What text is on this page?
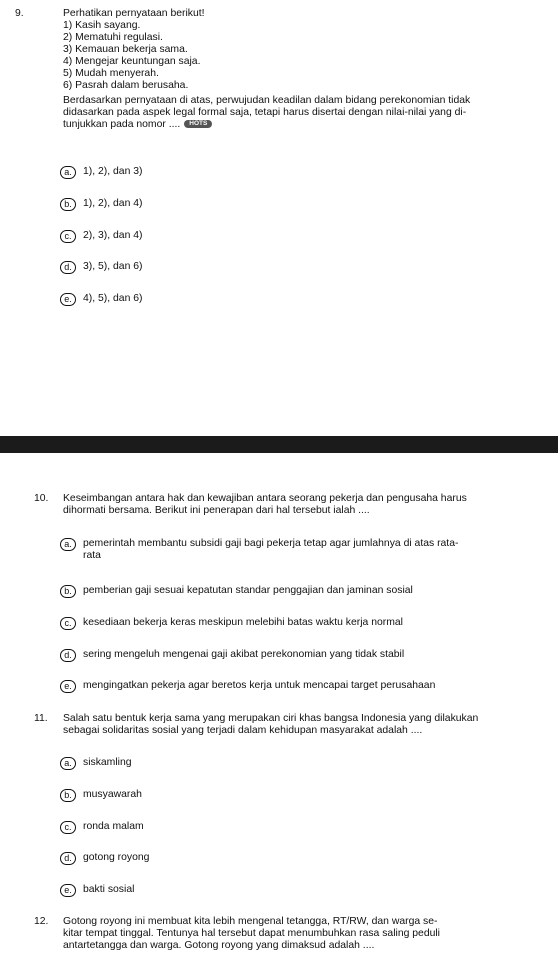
9.	Perhatikan pernyataan berikut!
1) Kasih sayang.
2) Mematuhi regulasi.
3) Kemauan bekerja sama.
4) Mengejar keuntungan saja.
5) Mudah menyerah.
6) Pasrah dalam berusaha.
Berdasarkan pernyataan di atas, perwujudan keadilan dalam bidang perekonomian tidak
didasarkan pada aspek legal formal saja, tetapi harus disertai dengan nilai-nilai yang di-
tunjukkan pada nomor .... HOTS
a.	1), 2), dan 3)
b.	1), 2), dan 4)
c.	2), 3), dan 4)
d.	3), 5), dan 6)
e.	4), 5), dan 6)
10. Keseimbangan antara hak dan kewajiban antara seorang pekerja dan pengusaha harus
dihormati bersama. Berikut ini penerapan dari hal tersebut ialah ....
a.	pemerintah membantu subsidi gaji bagi pekerja tetap agar jumlahnya di atas rata-
rata
b.	pemberian gaji sesuai kepatutan standar penggajian dan jaminan sosial
c.	kesediaan bekerja keras meskipun melebihi batas waktu kerja normal
d.	sering mengeluh mengenai gaji akibat perekonomian yang tidak stabil
e.	mengingatkan pekerja agar beretos kerja untuk mencapai target perusahaan
11. Salah satu bentuk kerja sama yang merupakan ciri khas bangsa Indonesia yang dilakukan
sebagai solidaritas sosial yang terjadi dalam kehidupan masyarakat adalah ....
a.	siskamling
b.	musyawarah
c.	ronda malam
d.	gotong royong
e.	bakti sosial
12. Gotong royong ini membuat kita lebih mengenal tetangga, RT/RW, dan warga se-
kitar tempat tinggal. Tentunya hal tersebut dapat menumbuhkan rasa saling peduli
antartetangga dan warga. Gotong royong yang dimaksud adalah ....
